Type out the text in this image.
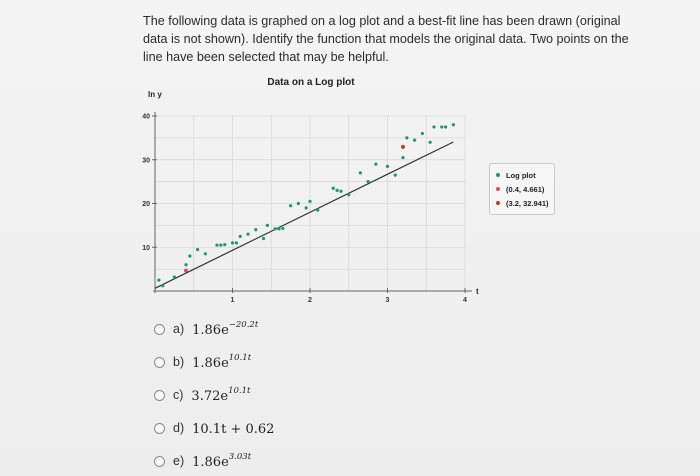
The following data is graphed on a log plot and a best-fit line has been drawn (original data is not shown). Identify the function that models the original data. Two points on the line have been selected that may be helpful.
Data on a Log plot
ln y
t
1	2	3	4
10
20
30
40
Log plot
(0.4, 4.661)
(3.2, 32.941)
a) $1.86e^{-20.2t}$
b) $1.86e^{10.1t}$
c) $3.72e^{10.1t}$
d) 10.1t + 0.62
e) $1.86e^{3.03t}$
